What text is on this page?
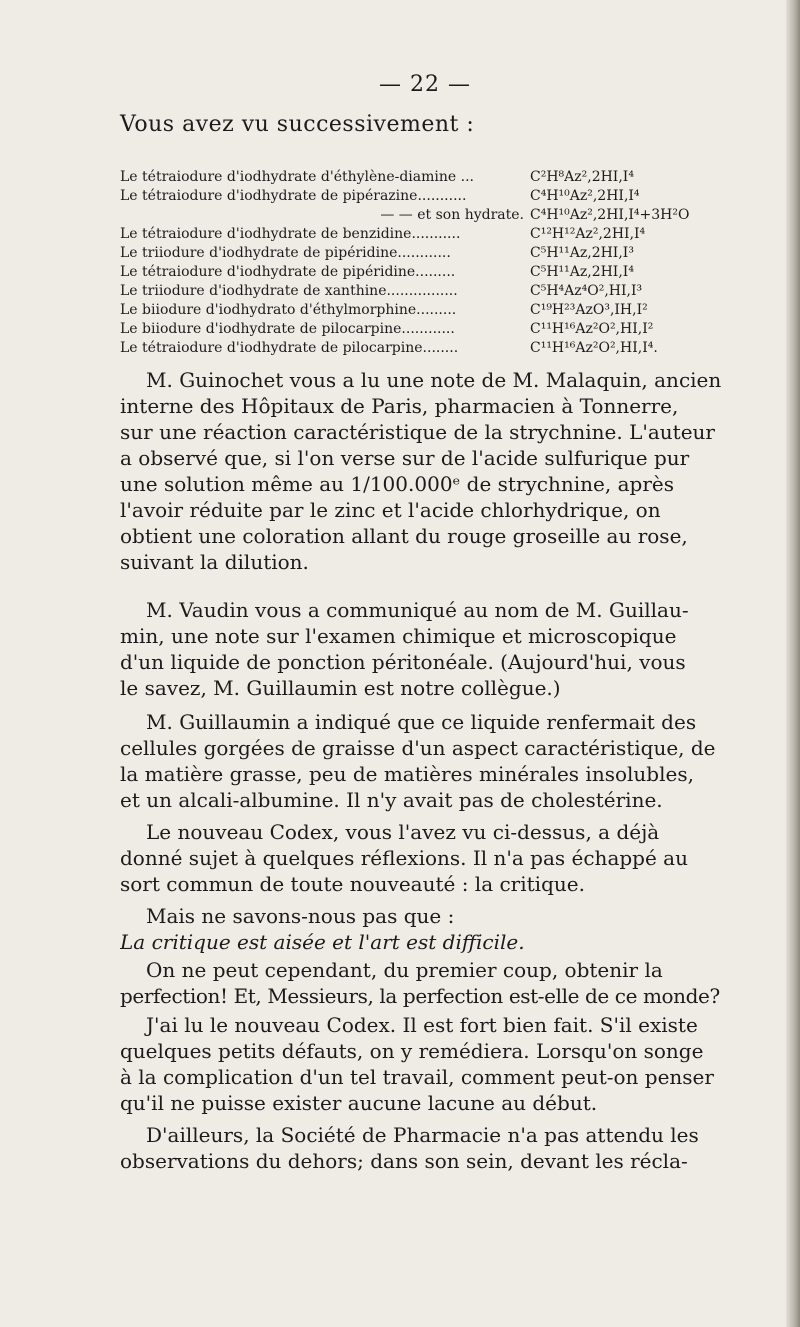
— 22 —
Vous avez vu successivement :
Le tétraiodure d'iodhydrate d'éthylène-diamine ...	C²H⁸Az²,2HI,I⁴
Le tétraiodure d'iodhydrate de pipérazine...........	C⁴H¹⁰Az²,2HI,I⁴
— — et son hydrate. C⁴H¹⁰Az²,2HI,I⁴+3H²O
Le tétraiodure d'iodhydrate de benzidine...........	C¹²H¹²Az²,2HI,I⁴
Le triiodure d'iodhydrate de pipéridine............	C⁵H¹¹Az,2HI,I³
Le tétraiodure d'iodhydrate de pipéridine.........	C⁵H¹¹Az,2HI,I⁴
Le triiodure d'iodhydrate de xanthine................	C⁵H⁴Az⁴O²,HI,I³
Le biiodure d'iodhydrato d'éthylmorphine.........	C¹⁹H²³AzO³,IH,I²
Le biiodure d'iodhydrate de pilocarpine............	C¹¹H¹⁶Az²O²,HI,I²
Le tétraiodure d'iodhydrate de pilocarpine........	C¹¹H¹⁶Az²O²,HI,I⁴.
M. Guinochet vous a lu une note de M. Malaquin, ancien
interne des Hôpitaux de Paris, pharmacien à Tonnerre,
sur une réaction caractéristique de la strychnine. L'auteur
a observé que, si l'on verse sur de l'acide sulfurique pur
une solution même au 1/100.000ᵉ de strychnine, après
l'avoir réduite par le zinc et l'acide chlorhydrique, on
obtient une coloration allant du rouge groseille au rose,
suivant la dilution.
M. Vaudin vous a communiqué au nom de M. Guillau-
min, une note sur l'examen chimique et microscopique
d'un liquide de ponction péritonéale. (Aujourd'hui, vous
le savez, M. Guillaumin est notre collègue.)
M. Guillaumin a indiqué que ce liquide renfermait des
cellules gorgées de graisse d'un aspect caractéristique, de
la matière grasse, peu de matières minérales insolubles,
et un alcali-albumine. Il n'y avait pas de cholestérine.
Le nouveau Codex, vous l'avez vu ci-dessus, a déjà
donné sujet à quelques réflexions. Il n'a pas échappé au
sort commun de toute nouveauté : la critique.
Mais ne savons-nous pas que :
La critique est aisée et l'art est difficile.
On ne peut cependant, du premier coup, obtenir la
perfection! Et, Messieurs, la perfection est-elle de ce monde?
J'ai lu le nouveau Codex. Il est fort bien fait. S'il existe
quelques petits défauts, on y remédiera. Lorsqu'on songe
à la complication d'un tel travail, comment peut-on penser
qu'il ne puisse exister aucune lacune au début.
D'ailleurs, la Société de Pharmacie n'a pas attendu les
observations du dehors; dans son sein, devant les récla-
